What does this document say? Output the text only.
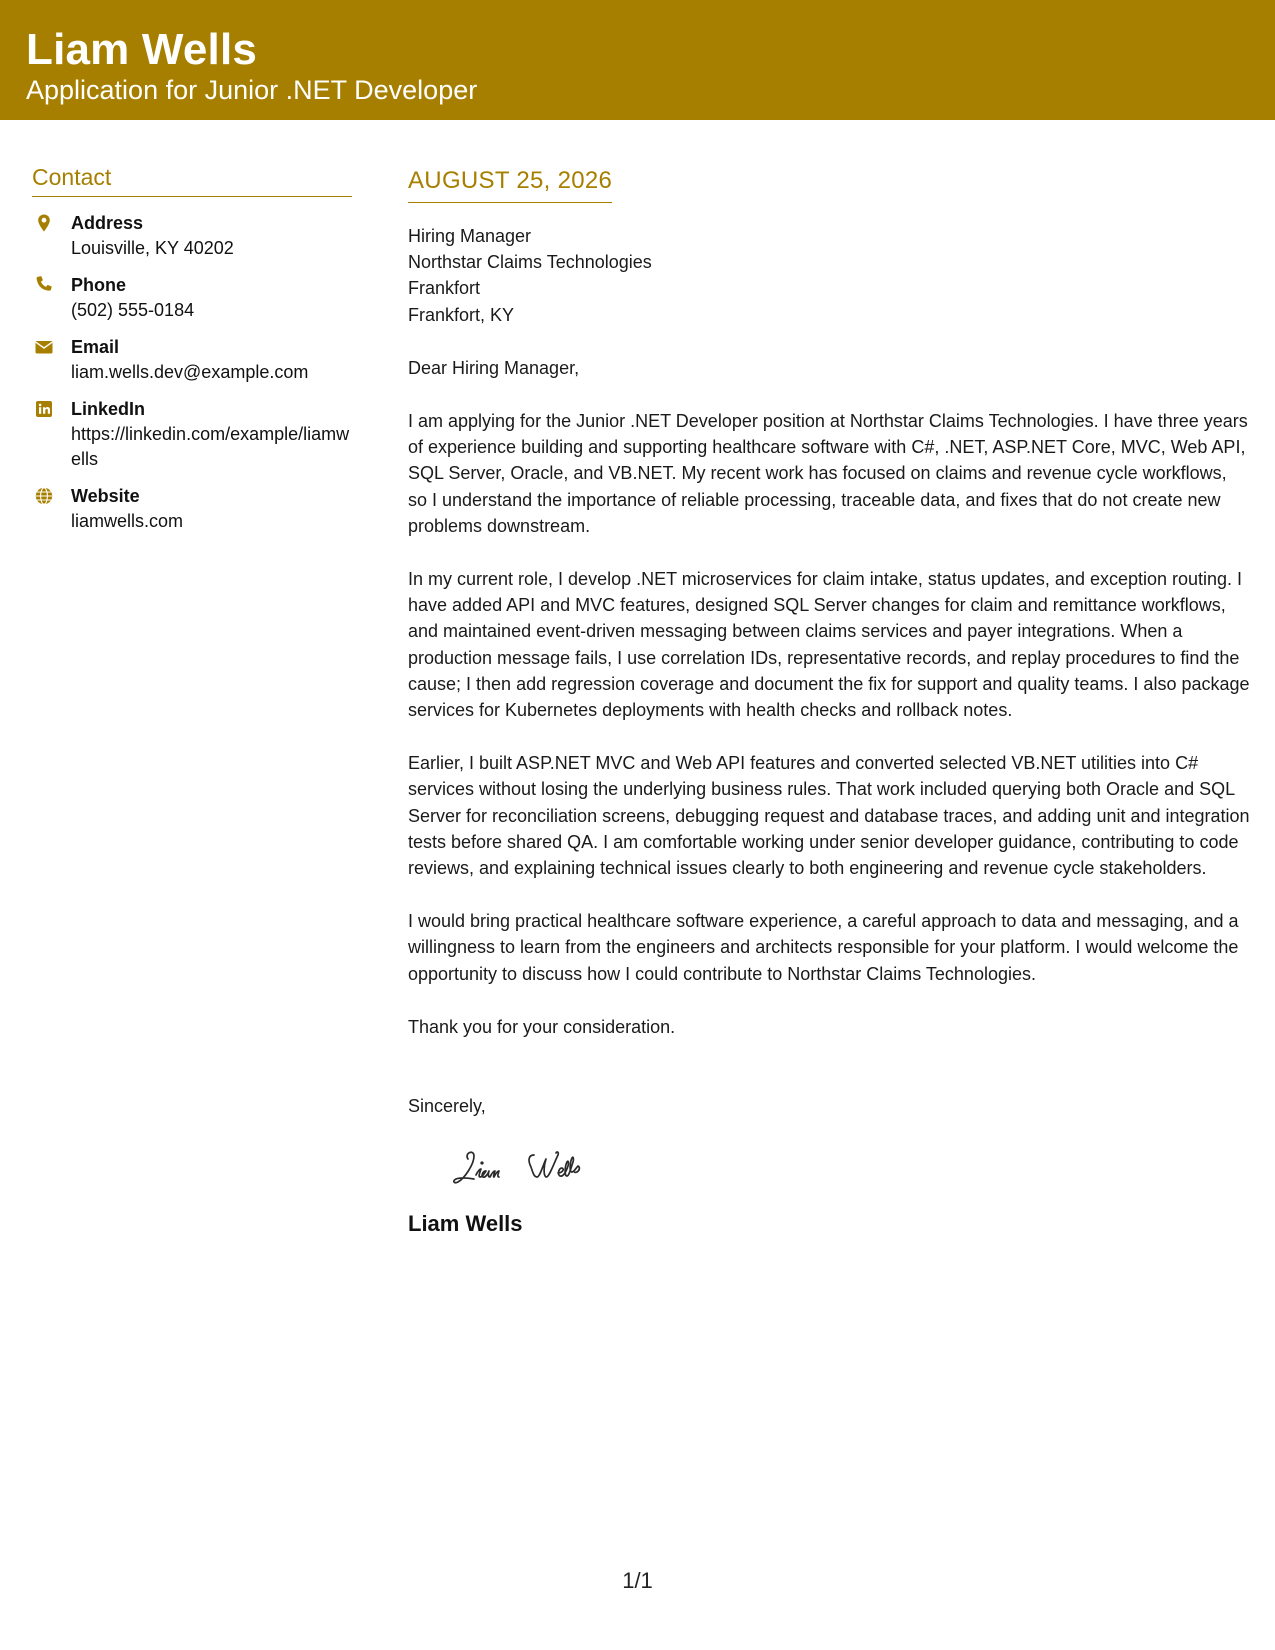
Liam Wells
Application for Junior .NET Developer
Contact
Address
Louisville, KY 40202
Phone
(502) 555-0184
Email
liam.wells.dev@example.com
LinkedIn
https://linkedin.com/example/liamwells
Website
liamwells.com
AUGUST 25, 2026
Hiring Manager
Northstar Claims Technologies
Frankfort
Frankfort, KY
Dear Hiring Manager,
I am applying for the Junior .NET Developer position at Northstar Claims Technologies. I have three years of experience building and supporting healthcare software with C#, .NET, ASP.NET Core, MVC, Web API, SQL Server, Oracle, and VB.NET. My recent work has focused on claims and revenue cycle workflows, so I understand the importance of reliable processing, traceable data, and fixes that do not create new problems downstream.
In my current role, I develop .NET microservices for claim intake, status updates, and exception routing. I have added API and MVC features, designed SQL Server changes for claim and remittance workflows, and maintained event-driven messaging between claims services and payer integrations. When a production message fails, I use correlation IDs, representative records, and replay procedures to find the cause; I then add regression coverage and document the fix for support and quality teams. I also package services for Kubernetes deployments with health checks and rollback notes.
Earlier, I built ASP.NET MVC and Web API features and converted selected VB.NET utilities into C# services without losing the underlying business rules. That work included querying both Oracle and SQL Server for reconciliation screens, debugging request and database traces, and adding unit and integration tests before shared QA. I am comfortable working under senior developer guidance, contributing to code reviews, and explaining technical issues clearly to both engineering and revenue cycle stakeholders.
I would bring practical healthcare software experience, a careful approach to data and messaging, and a willingness to learn from the engineers and architects responsible for your platform. I would welcome the opportunity to discuss how I could contribute to Northstar Claims Technologies.
Thank you for your consideration.
Sincerely,
Liam Wells
1/1
